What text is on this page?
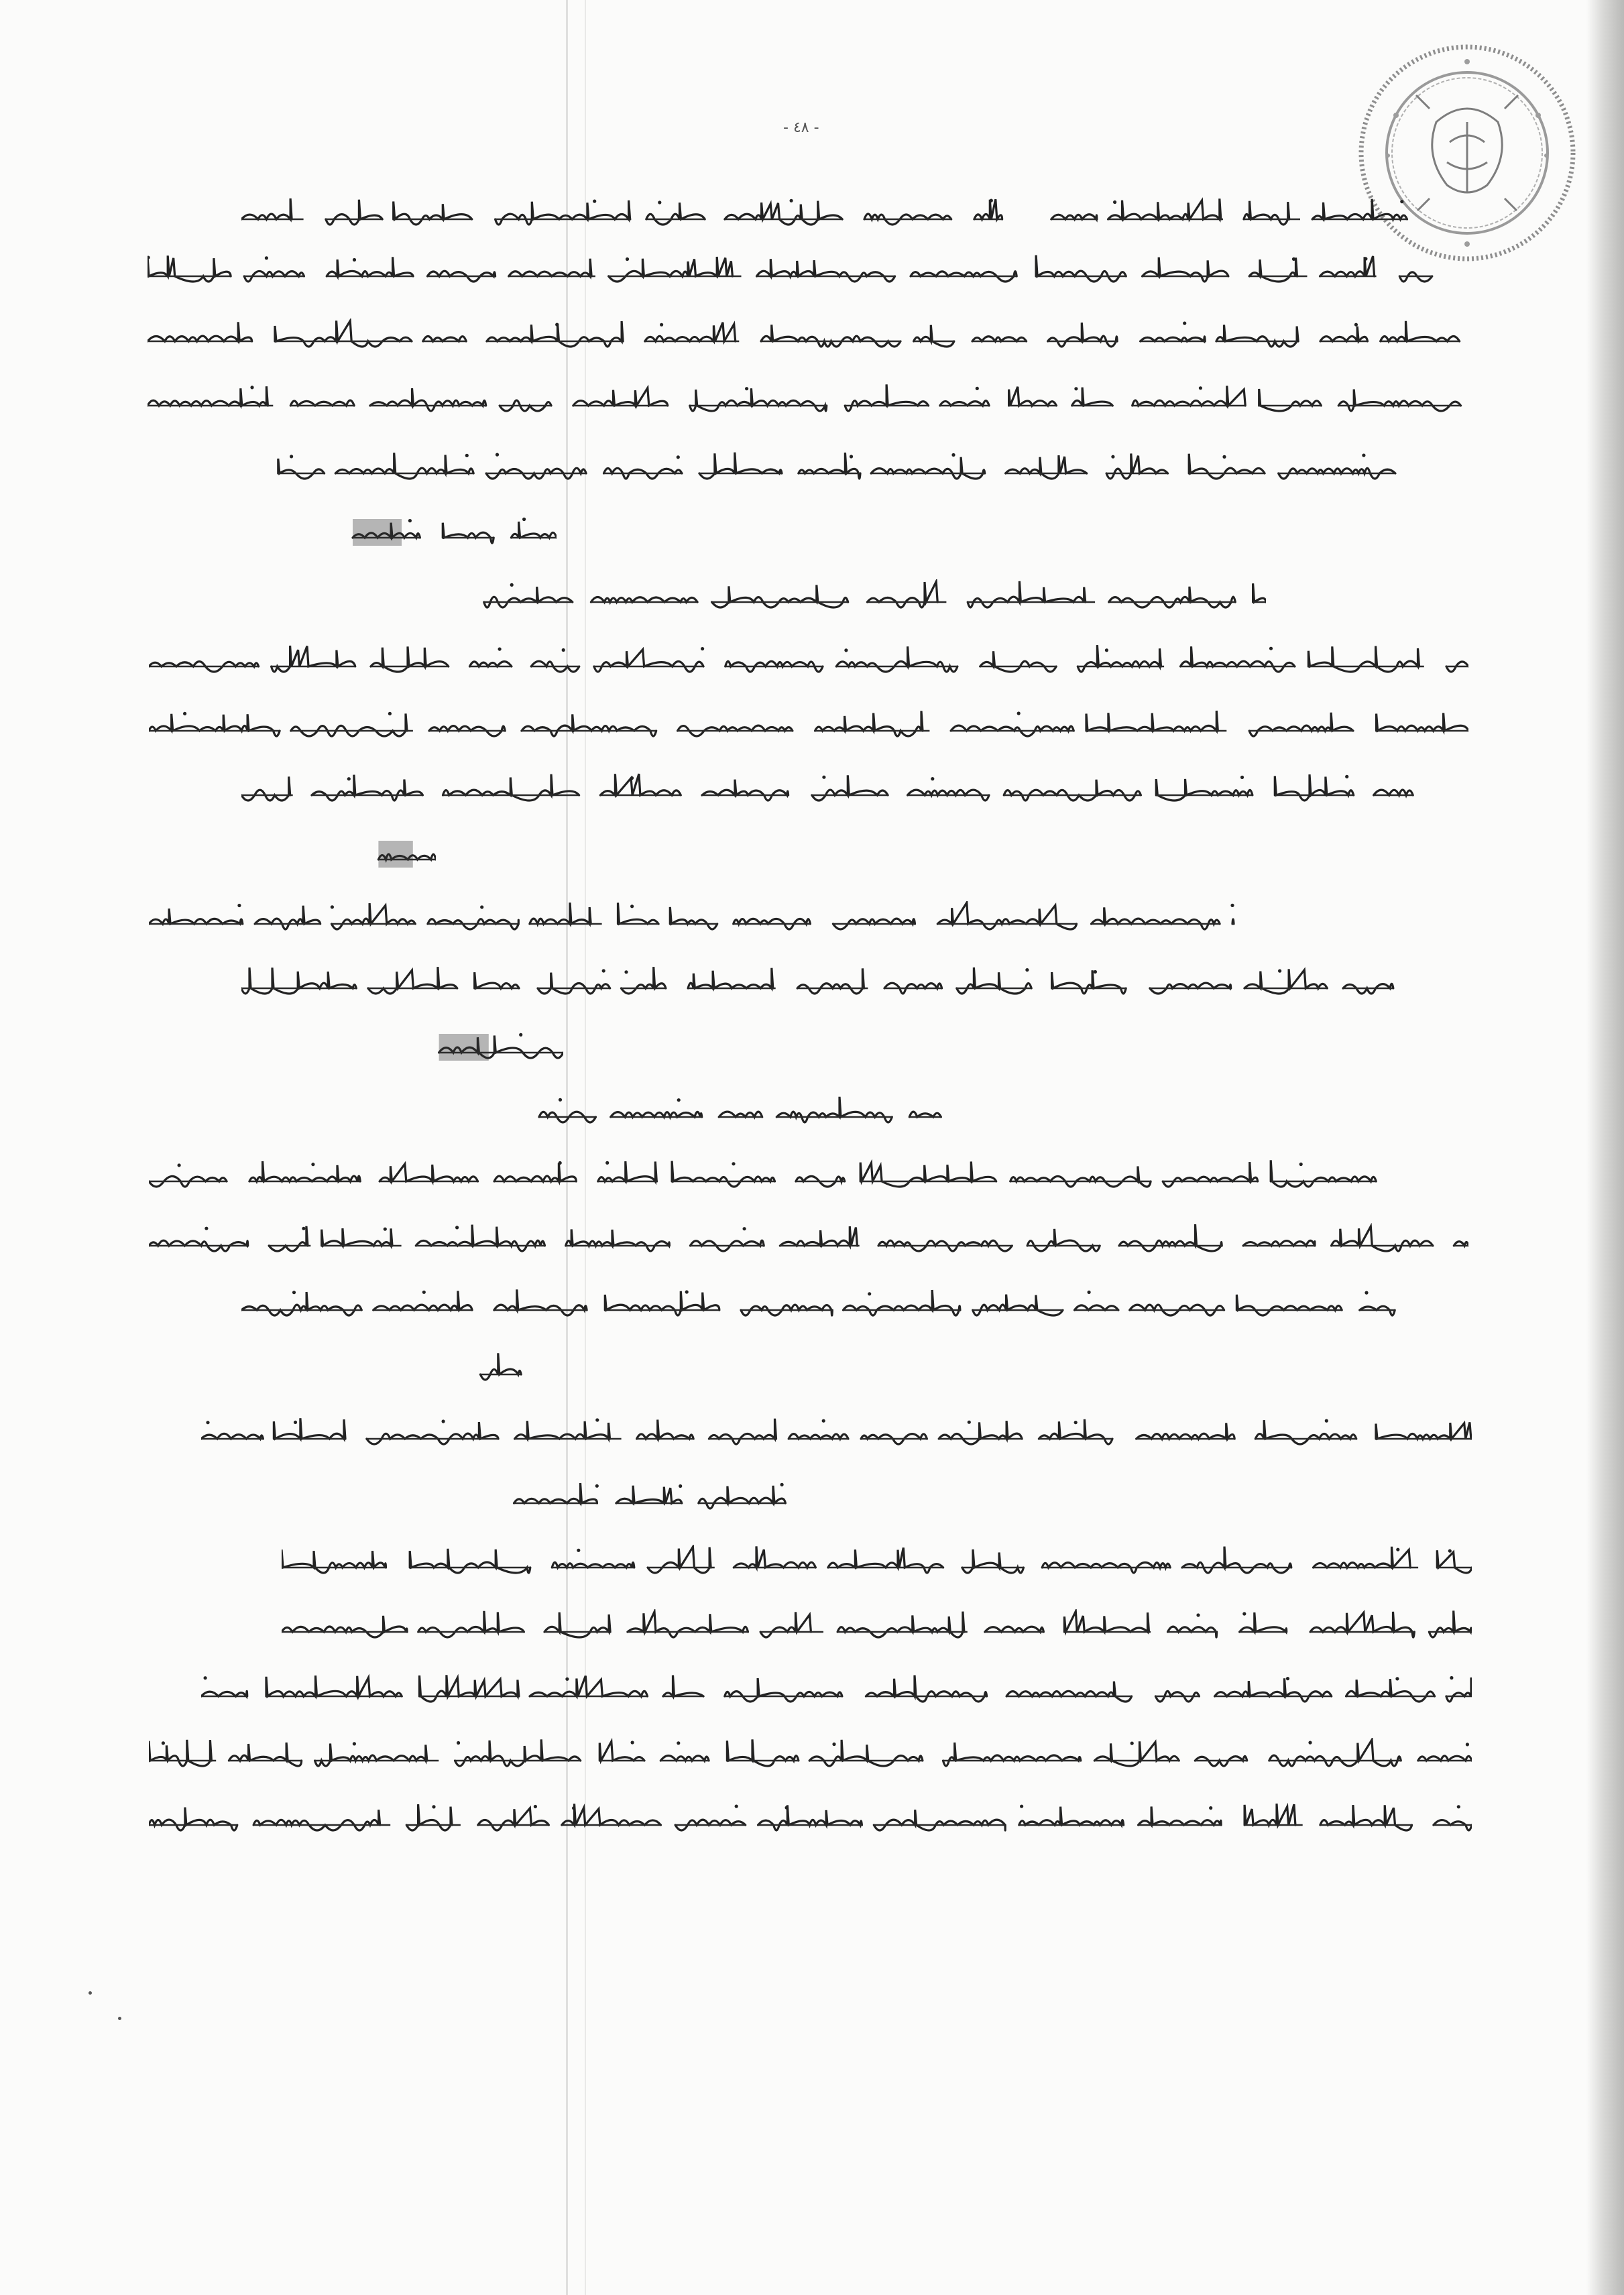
- ٤٨ -
